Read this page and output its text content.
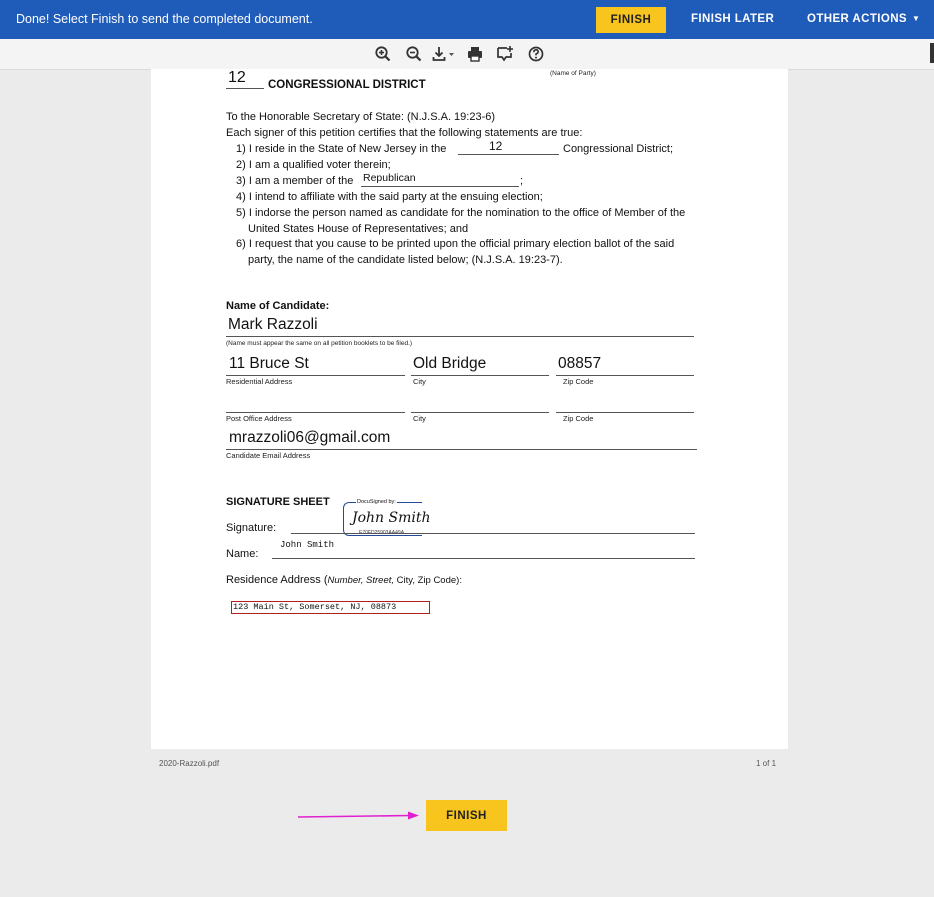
Done! Select Finish to send the completed document.	FINISH	FINISH LATER	OTHER ACTIONS ▼
(Name of Party)
12 CONGRESSIONAL DISTRICT
To the Honorable Secretary of State: (N.J.S.A. 19:23-6)
Each signer of this petition certifies that the following statements are true:
1) I reside in the State of New Jersey in the	12	Congressional District;
2) I am a qualified voter therein;
3) I am a member of the Republican	;
4) I intend to affiliate with the said party at the ensuing election;
5) I indorse the person named as candidate for the nomination to the office of Member of the
United States House of Representatives; and
6) I request that you cause to be printed upon the official primary election ballot of the said
party, the name of the candidate listed below; (N.J.S.A. 19:23-7).
Name of Candidate:
Mark Razzoli
(Name must appear the same on all petition booklets to be filed.)
11 Bruce St	Old Bridge	08857
Residential Address	City	Zip Code
Post Office Address	City	Zip Code
mrazzoli06@gmail.com
Candidate Email Address
SIGNATURE SHEET
Signature:
DocuSigned by:
John Smith
E70FD25903AA49A...
Name:
John Smith
Residence Address (Number, Street, City, Zip Code):
123 Main St, Somerset, NJ, 08873
2020-Razzoli.pdf	1 of 1
FINISH
